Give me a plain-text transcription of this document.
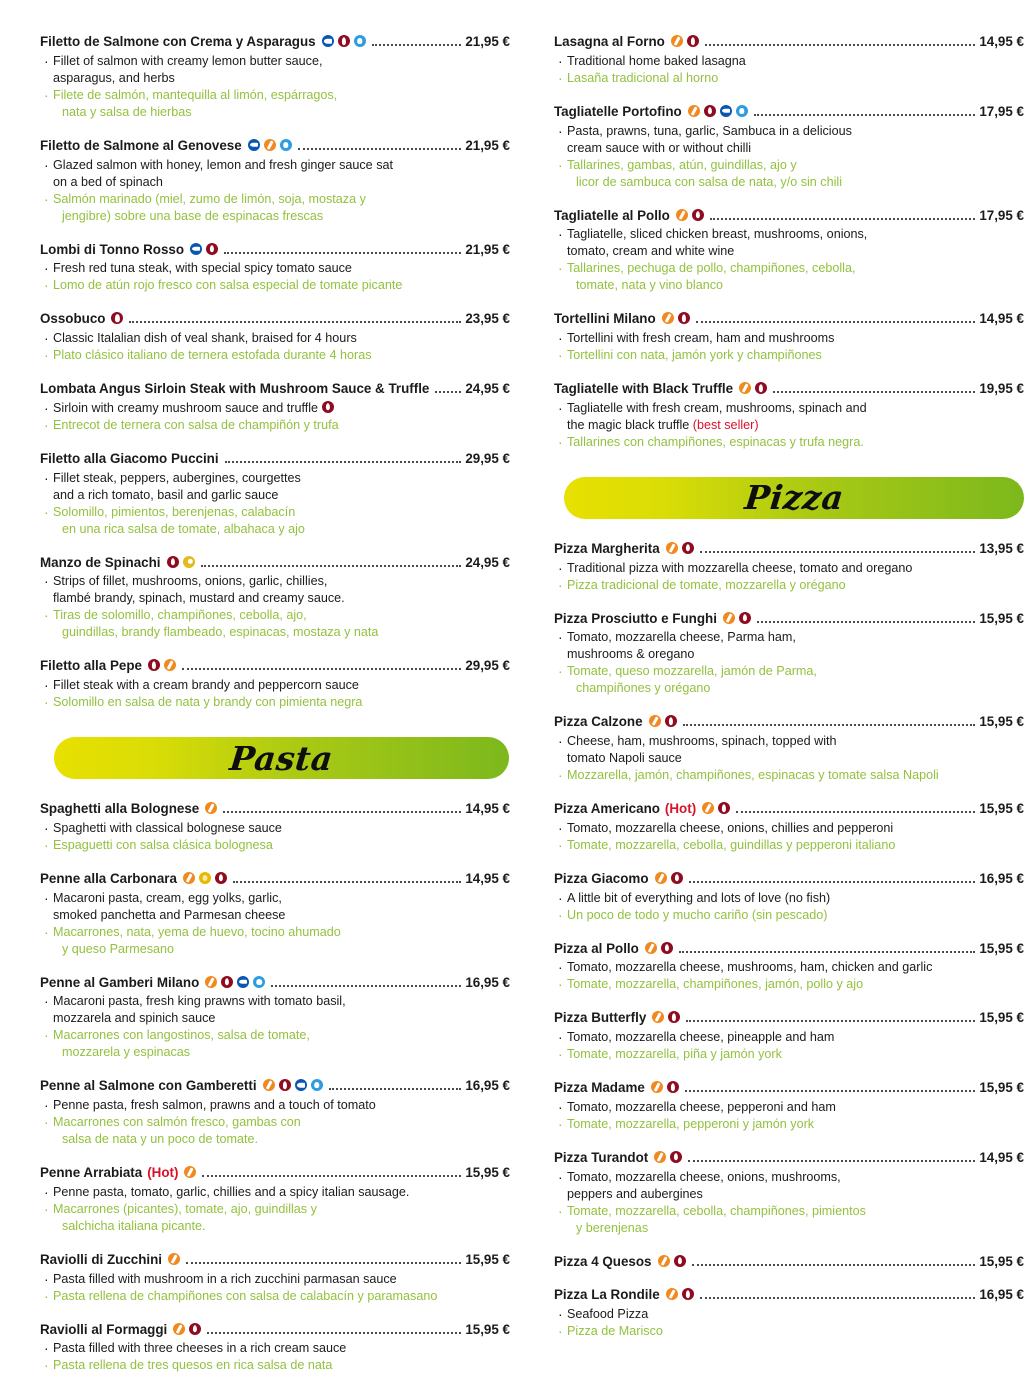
Filetto de Salmone con Crema y Asparagus	21,95 €
· Fillet of salmon with creamy lemon butter sauce,
asparagus, and herbs
· Filete de salmón, mantequilla al limón, espárragos,
nata y salsa de hierbas
Filetto de Salmone al Genovese	21,95 €
· Glazed salmon with honey, lemon and fresh ginger sauce sat
on a bed of spinach
· Salmón marinado (miel, zumo de limón, soja, mostaza y
jengibre) sobre una base de espinacas frescas
Lombi di Tonno Rosso	21,95 €
· Fresh red tuna steak, with special spicy tomato sauce
· Lomo de atún rojo fresco con salsa especial de tomate picante
Ossobuco	23,95 €
· Classic Italalian dish of veal shank, braised for 4 hours
· Plato clásico italiano de ternera estofada durante 4 horas
Lombata Angus Sirloin Steak with Mushroom Sauce & Truffle	24,95 €
· Sirloin with creamy mushroom sauce and truffle
· Entrecot de ternera con salsa de champiñón y trufa
Filetto alla Giacomo Puccini	29,95 €
· Fillet steak, peppers, aubergines, courgettes
and a rich tomato, basil and garlic sauce
· Solomillo, pimientos, berenjenas, calabacín
en una rica salsa de tomate, albahaca y ajo
Manzo de Spinachi	24,95 €
· Strips of fillet, mushrooms, onions, garlic, chillies,
flambé brandy, spinach, mustard and creamy sauce.
· Tiras de solomillo, champiñones, cebolla, ajo,
guindillas, brandy flambeado, espinacas, mostaza y nata
Filetto alla Pepe	29,95 €
· Fillet steak with a cream brandy and peppercorn sauce
· Solomillo en salsa de nata y brandy con pimienta negra
Pasta
Spaghetti alla Bolognese	14,95 €
· Spaghetti with classical bolognese sauce
· Espaguetti con salsa clásica bolognesa
Penne alla Carbonara	14,95 €
· Macaroni pasta, cream, egg yolks, garlic,
smoked panchetta and Parmesan cheese
· Macarrones, nata, yema de huevo, tocino ahumado
y queso Parmesano
Penne al Gamberi Milano	16,95 €
· Macaroni pasta, fresh king prawns with tomato basil,
mozzarela and spinich sauce
· Macarrones con langostinos, salsa de tomate,
mozzarela y espinacas
Penne al Salmone con Gamberetti	16,95 €
· Penne pasta, fresh salmon, prawns and a touch of tomato
· Macarrones con salmón fresco, gambas con
salsa de nata y un poco de tomate.
Penne Arrabiata (Hot)	15,95 €
· Penne pasta, tomato, garlic, chillies and a spicy italian sausage.
· Macarrones (picantes), tomate, ajo, guindillas y
salchicha italiana picante.
Raviolli di Zucchini	15,95 €
· Pasta filled with mushroom in a rich zucchini parmasan sauce
· Pasta rellena de champiñones con salsa de calabacín y paramasano
Raviolli al Formaggi	15,95 €
· Pasta filled with three cheeses in a rich cream sauce
· Pasta rellena de tres quesos en rica salsa de nata
Lasagna al Forno	14,95 €
· Traditional home baked lasagna
· Lasaña tradicional al horno
Tagliatelle Portofino	17,95 €
· Pasta, prawns, tuna, garlic, Sambuca in a delicious
cream sauce with or without chilli
· Tallarines, gambas, atún, guindillas, ajo y
licor de sambuca con salsa de nata, y/o sin chili
Tagliatelle al Pollo	17,95 €
· Tagliatelle, sliced chicken breast, mushrooms, onions,
tomato, cream and white wine
· Tallarines, pechuga de pollo, champiñones, cebolla,
tomate, nata y vino blanco
Tortellini Milano	14,95 €
· Tortellini with fresh cream, ham and mushrooms
· Tortellini con nata, jamón york y champiñones
Tagliatelle with Black Truffle	19,95 €
· Tagliatelle with fresh cream, mushrooms, spinach and
the magic black truffle (best seller)
· Tallarines con champiñones, espinacas y trufa negra.
Pizza
Pizza Margherita	13,95 €
· Traditional pizza with mozzarella cheese, tomato and oregano
· Pizza tradicional de tomate, mozzarella y orégano
Pizza Prosciutto e Funghi	15,95 €
· Tomato, mozzarella cheese, Parma ham,
mushrooms & oregano
· Tomate, queso mozzarella, jamón de Parma,
champiñones y orégano
Pizza Calzone	15,95 €
· Cheese, ham, mushrooms, spinach, topped with
tomato Napoli sauce
· Mozzarella, jamón, champiñones, espinacas y tomate salsa Napoli
Pizza Americano (Hot)	15,95 €
· Tomato, mozzarella cheese, onions, chillies and pepperoni
· Tomate, mozzarella, cebolla, guindillas y pepperoni italiano
Pizza Giacomo	16,95 €
· A little bit of everything and lots of love (no fish)
· Un poco de todo y mucho cariño (sin pescado)
Pizza al Pollo	15,95 €
· Tomato, mozzarella cheese, mushrooms, ham, chicken and garlic
· Tomate, mozzarella, champiñones, jamón, pollo y ajo
Pizza Butterfly	15,95 €
· Tomato, mozzarella cheese, pineapple and ham
· Tomate, mozzarella, piña y jamón york
Pizza Madame	15,95 €
· Tomato, mozzarella cheese, pepperoni and ham
· Tomate, mozzarella, pepperoni y jamón york
Pizza Turandot	14,95 €
· Tomato, mozzarella cheese, onions, mushrooms,
peppers and aubergines
· Tomate, mozzarella, cebolla, champiñones, pimientos
y berenjenas
Pizza 4 Quesos	15,95 €
Pizza La Rondile	16,95 €
· Seafood Pizza
· Pizza de Marisco
